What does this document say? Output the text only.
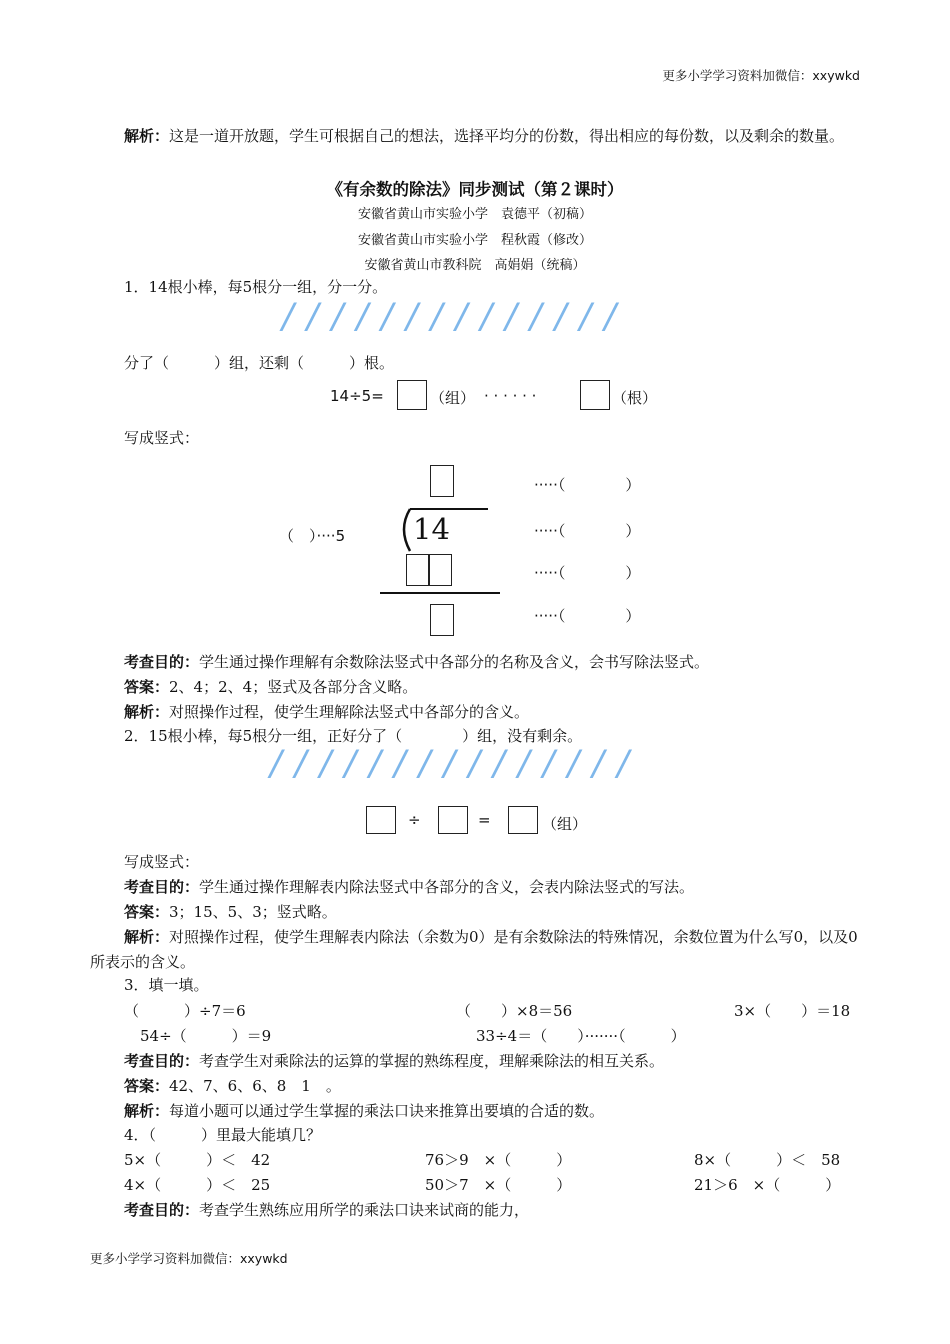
更多小学学习资料加微信：xxywkd
解析：这是一道开放题，学生可根据自己的想法，选择平均分的份数，得出相应的每份数，以及剩余的数量。
《有余数的除法》同步测试（第２课时）
安徽省黄山市实验小学　袁德平（初稿）
安徽省黄山市实验小学　程秋霞（修改）
安徽省黄山市教科院　高娟娟（统稿）
1．14根小棒，每5根分一组，分一分。
//////////////
分了（　　　）组，还剩（　　　）根。
14÷5=	（组） · · · · · ·	（根）
写成竖式：
（　）····5 14
·····（　　　　）
·····（　　　　）
·····（　　　　）
·····（　　　　）
考查目的：学生通过操作理解有余数除法竖式中各部分的名称及含义，会书写除法竖式。
答案：2、4；2、4；竖式及各部分含义略。
解析：对照操作过程，使学生理解除法竖式中各部分的含义。
2．15根小棒，每5根分一组，正好分了（　　　　）组，没有剩余。
///////////////
÷	=	（组）
写成竖式：
考查目的：学生通过操作理解表内除法竖式中各部分的含义，会表内除法竖式的写法。
答案：3；15、5、3；竖式略。
解析：对照操作过程，使学生理解表内除法（余数为0）是有余数除法的特殊情况，余数位置为什么写0，以及0所表示的含义。
3．填一填。
（　　　）÷7＝6	（　　）×8＝56	3×（　　）＝18
54÷（　　　）＝9	33÷4＝（　　）·······（　　　）
考查目的：考查学生对乘除法的运算的掌握的熟练程度，理解乘除法的相互关系。
答案：42、7、6、6、8　1　。
解析：每道小题可以通过学生掌握的乘法口诀来推算出要填的合适的数。
4．（　　　）里最大能填几？
5×（　　　）＜　42	76＞9　×（　　　）	8×（　　　）＜　58
4×（　　　）＜　25	50＞7　×（　　　）	21＞6　×（　　　）
考查目的：考查学生熟练应用所学的乘法口诀来试商的能力，
更多小学学习资料加微信：xxywkd
